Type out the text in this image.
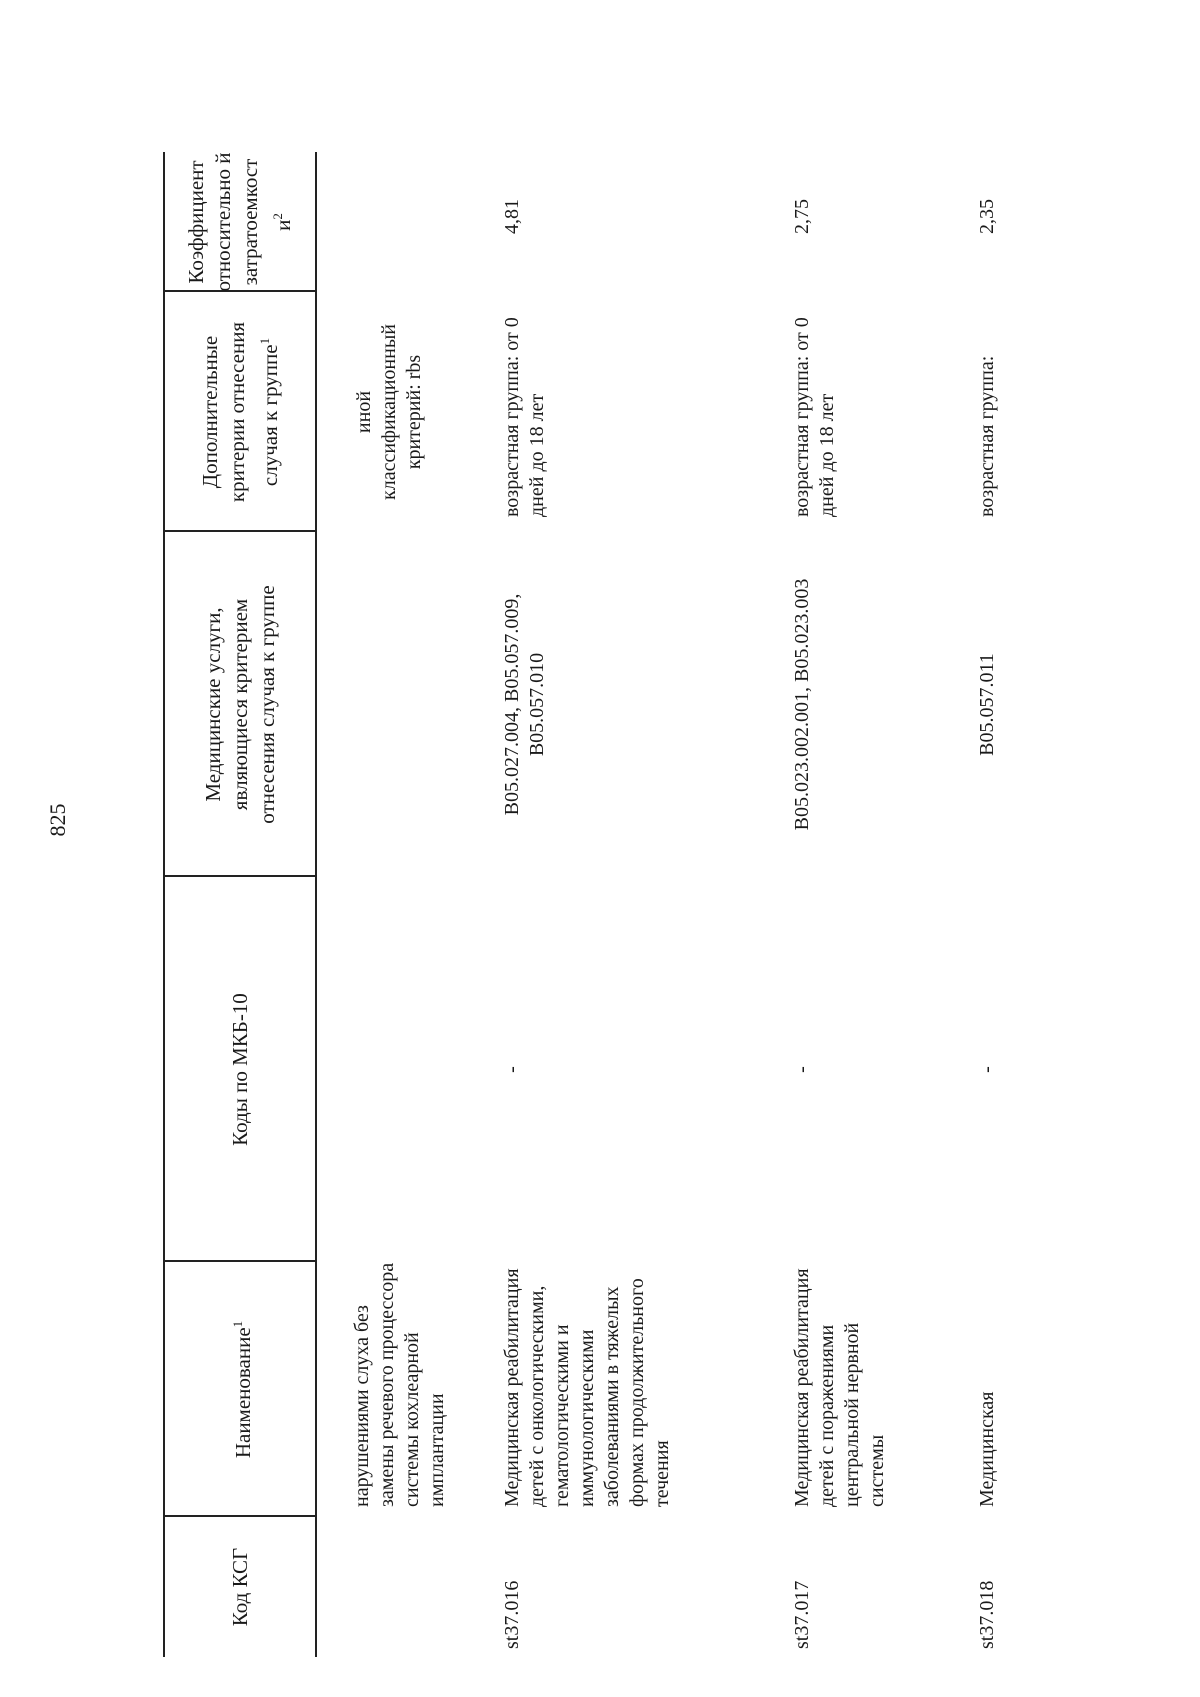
825
Код КСГ
Наименование$^1$
Коды по МКБ-10
Медицинские услуги, являющиеся критерием отнесения случая к группе
Дополнительные критерии отнесения случая к группе$^1$
Коэффициент относительно й затратоемкост $и^2$
нарушениями слуха без замены речевого процессора системы кохлеарной имплантации
иной классификационный критерий: rbs
st37.016
Медицинская реабилитация детей с онкологическими, гематологическими и иммунологическими заболеваниями в тяжелых формах продолжительного течения
-
B05.027.004, B05.057.009, B05.057.010
возрастная группа: от 0 дней до 18 лет
4,81
st37.017
Медицинская реабилитация детей с поражениями центральной нервной системы
-
B05.023.002.001, B05.023.003
возрастная группа: от 0 дней до 18 лет
2,75
st37.018
Медицинская
-
B05.057.011
возрастная группа:
2,35
